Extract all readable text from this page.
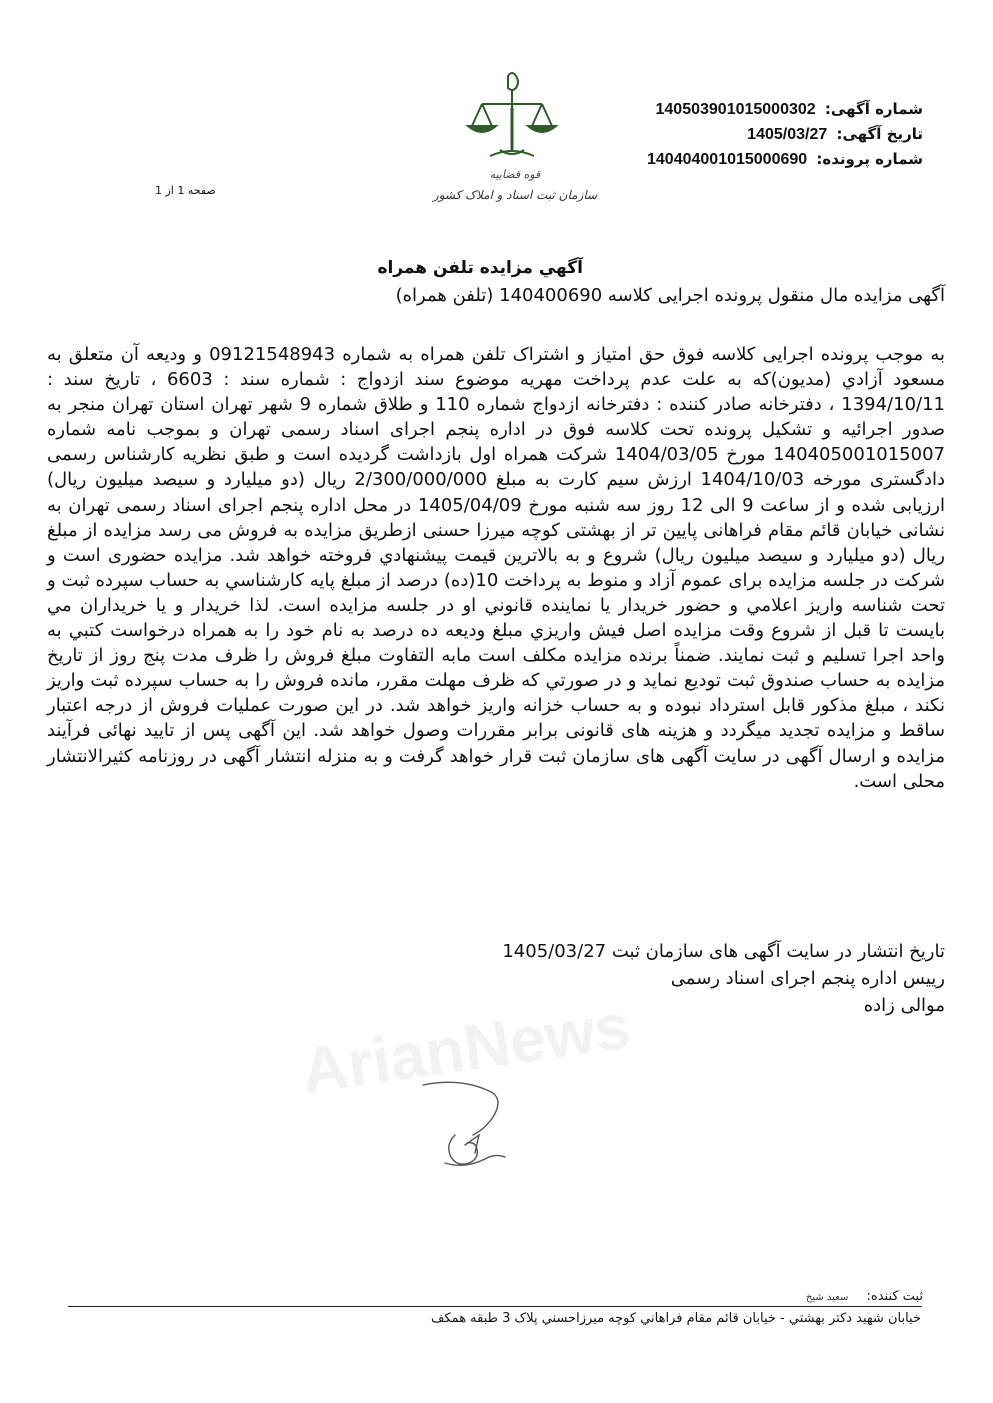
قوه قضاییه
سازمان ثبت اسناد و املاک کشور
شماره آگهی: 140503901015000302
تاریخ آگهی: 1405/03/27
شماره پرونده: 140404001015000690
صفحه 1 از 1
آگهي مزايده تلفن همراه
آگهی مزایده مال منقول پرونده اجرایی کلاسه 140400690 (تلفن همراه)
به موجب پرونده اجرايی كلاسه فوق حق امتياز و اشتراک تلفن همراه به شماره 09121548943 و وديعه آن متعلق به مسعود آزادي (مديون)كه به علت عدم پرداخت مهريه موضوع سند ازدواج : شماره سند : 6603 ، تاریخ سند : 1394/10/11 ، دفترخانه صادر كننده : دفترخانه ازدواج شماره 110 و طلاق شماره 9 شهر تهران استان تهران منجر به صدور اجرائيه و تشكيل پرونده تحت كلاسه فوق در اداره پنجم اجرای اسناد رسمی تهران و بموجب نامه شماره 140405001015007 مورخ 1404/03/05 شرکت همراه اول بازداشت گرديده است و طبق نظريه کارشناس رسمی دادگستری مورخه 1404/10/03 ارزش سيم كارت به مبلغ 2/300/000/000 ریال (دو میلیارد و سیصد میلیون ریال) ارزيابی شده و از ساعت 9 الی 12 روز سه شنبه مورخ 1405/04/09 در محل اداره پنجم اجرای اسناد رسمی تهران به نشانی خیابان قائم مقام فراهانی پایین تر از بهشتی کوچه میرزا حسنی ازطريق مزايده به فروش می رسد مزايده از مبلغ ريال (دو میلیارد و سیصد میلیون ریال) شروع و به بالاترين قيمت پيشنهادي فروخته خواهد شد. مزايده حضوری است و شرکت در جلسه مزایده برای عموم آزاد و منوط به پرداخت 10(ده) درصد از مبلغ پايه كارشناسي به حساب سپرده ثبت و تحت شناسه واريز اعلامي و حضور خريدار يا نماينده قانوني او در جلسه مزايده است. لذا خريدار و يا خريداران مي بايست تا قبل از شروع وقت مزايده اصل فيش واريزي مبلغ وديعه ده درصد به نام خود را به همراه درخواست كتبي به واحد اجرا تسليم و ثبت نمايند. ضمناً برنده مزايده مكلف است مابه التفاوت مبلغ فروش را ظرف مدت پنج روز از تاريخ مزايده به حساب صندوق ثبت توديع نمايد و در صورتي كه ظرف مهلت مقرر، مانده فروش را به حساب سپرده ثبت واريز نكند ، مبلغ مذكور قابل استرداد نبوده و به حساب خزانه واريز خواهد شد. در اين صورت عمليات فروش از درجه اعتبار ساقط و مزايده تجديد ميگردد و هزينه های قانونی برابر مقررات وصول خواهد شد. این آگهی پس از تایید نهائی فرآیند مزایده و ارسال آگهی در سایت آگهی های سازمان ثبت قرار خواهد گرفت و به منزله انتشار آگهی در روزنامه کثیرالانتشار محلی است.
تاریخ انتشار در سایت آگهی های سازمان ثبت 1405/03/27
رييس اداره پنجم اجرای اسناد رسمی
موالی زاده
ArianNews
ثبت كننده: سعید شیخ
خيابان شهيد دكتر بهشتي - خيابان قائم مقام فراهاني كوچه ميرزاحسني پلاک 3 طبقه همكف
